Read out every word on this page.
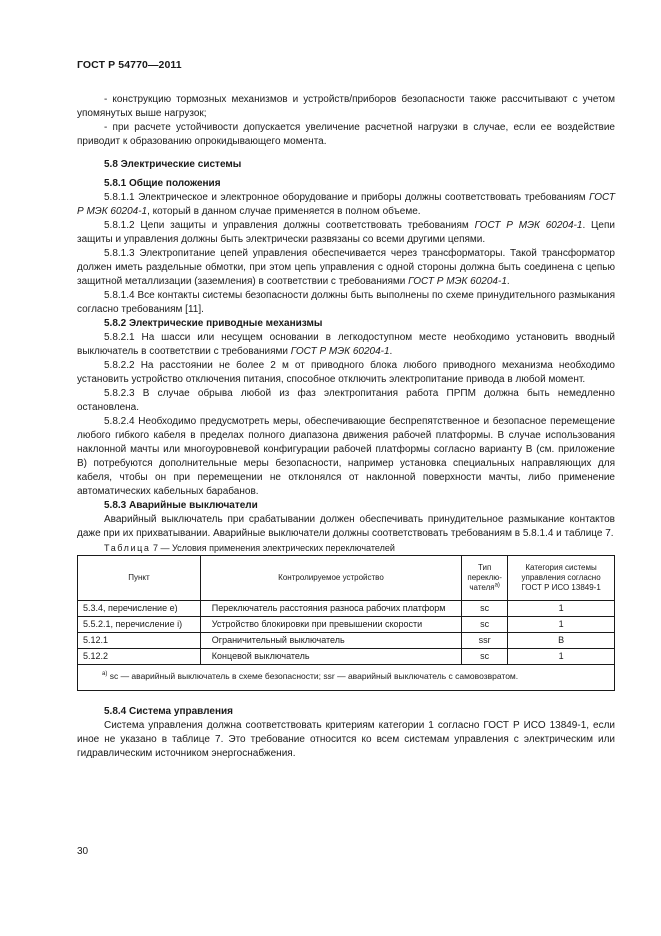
ГОСТ Р 54770—2011

- конструкцию тормозных механизмов и устройств/приборов безопасности также рассчитывают с учетом упомянутых выше нагрузок;

- при расчете устойчивости допускается увеличение расчетной нагрузки в случае, если ее воздействие приводит к образованию опрокидывающего момента.

5.8 Электрические системы

5.8.1 Общие положения

5.8.1.1 Электрическое и электронное оборудование и приборы должны соответствовать требованиям ГОСТ Р МЭК 60204-1, который в данном случае применяется в полном объеме.

5.8.1.2 Цепи защиты и управления должны соответствовать требованиям ГОСТ Р МЭК 60204-1. Цепи защиты и управления должны быть электрически развязаны со всеми другими цепями.

5.8.1.3 Электропитание цепей управления обеспечивается через трансформаторы. Такой трансформатор должен иметь раздельные обмотки, при этом цепь управления с одной стороны должна быть соединена с цепью защитной металлизации (заземления) в соответствии с требованиями ГОСТ Р МЭК 60204-1.

5.8.1.4 Все контакты системы безопасности должны быть выполнены по схеме принудительного размыкания согласно требованиям [11].

5.8.2 Электрические приводные механизмы

5.8.2.1 На шасси или несущем основании в легкодоступном месте необходимо установить вводный выключатель в соответствии с требованиями ГОСТ Р МЭК 60204-1.

5.8.2.2 На расстоянии не более 2 м от приводного блока любого приводного механизма необходимо установить устройство отключения питания, способное отключить электропитание привода в любой момент.

5.8.2.3 В случае обрыва любой из фаз электропитания работа ПРПМ должна быть немедленно остановлена.

5.8.2.4 Необходимо предусмотреть меры, обеспечивающие беспрепятственное и безопасное перемещение любого гибкого кабеля в пределах полного диапазона движения рабочей платформы. В случае использования наклонной мачты или многоуровневой конфигурации рабочей платформы согласно варианту В (см. приложение В) потребуются дополнительные меры безопасности, например установка специальных направляющих для кабеля, чтобы он при перемещении не отклонялся от наклонной поверхности мачты, либо применение автоматических кабельных барабанов.

5.8.3 Аварийные выключатели

Аварийный выключатель при срабатывании должен обеспечивать принудительное размыкание контактов даже при их прихватывании. Аварийные выключатели должны соответствовать требованиям в 5.8.1.4 и таблице 7.

Таблица 7 — Условия применения электрических переключателей

Пункт	Контролируемое устройство	Тип переклю-чателя$^{а)}$	Категория системы управления согласно ГОСТ Р ИСО 13849-1
5.3.4, перечисление е)	Переключатель расстояния разноса рабочих платформ	sc	1
5.5.2.1, перечисление i)	Устройство блокировки при превышении скорости	sc	1
5.12.1	Ограничительный выключатель	ssr	В
5.12.2	Концевой выключатель	sc	1
$^{а)}$ sc — аварийный выключатель в схеме безопасности; ssr — аварийный выключатель с самовозвратом.			

5.8.4 Система управления

Система управления должна соответствовать критериям категории 1 согласно ГОСТ Р ИСО 13849-1, если иное не указано в таблице 7. Это требование относится ко всем системам управления с электрическим или гидравлическим источником энергоснабжения.

30
